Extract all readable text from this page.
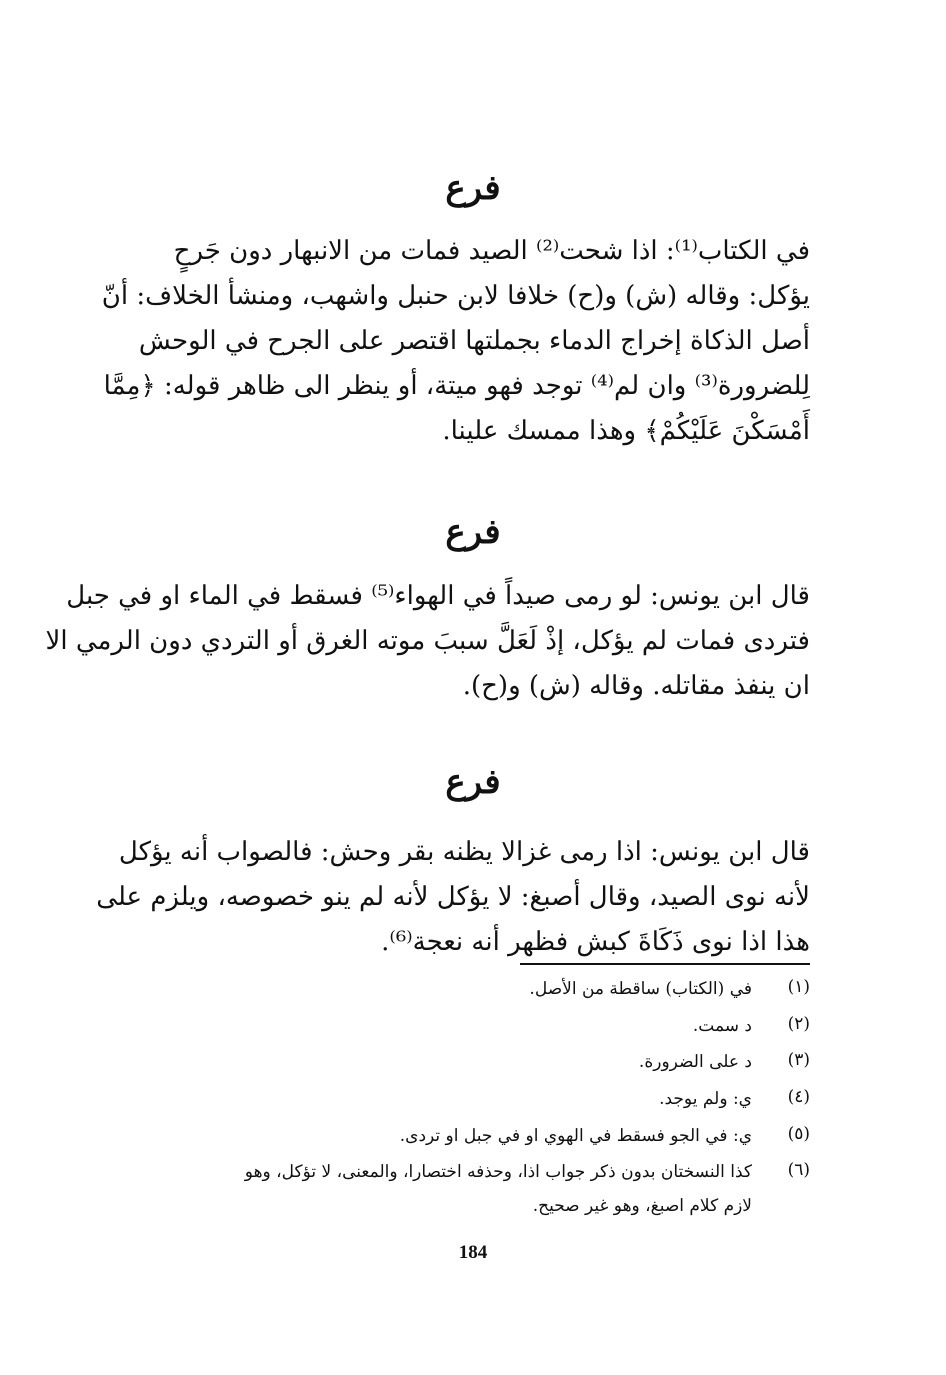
فرع
في الكتاب⁽¹⁾: اذا شحت⁽²⁾ الصيد فمات من الانبهار دون جَرحٍ
يؤكل: وقاله (ش) و(ح) خلافا لابن حنبل واشهب، ومنشأ الخلاف: أنّ
أصل الذكاة إخراج الدماء بجملتها اقتصر على الجرح في الوحش
لِلضرورة⁽³⁾ وان لم⁽⁴⁾ توجد فهو ميتة، أو ينظر الى ظاهر قوله: ﴿مِمَّا
أَمْسَكْنَ عَلَيْكُمْ﴾ وهذا ممسك علينا.
فرع
قال ابن يونس: لو رمى صيداً في الهواء⁽⁵⁾ فسقط في الماء او في جبل
فتردى فمات لم يؤكل، إذْ لَعَلَّ سببَ موته الغرق أو التردي دون الرمي الا
ان ينفذ مقاتله. وقاله (ش) و(ح).
فرع
قال ابن يونس: اذا رمى غزالا يظنه بقر وحش: فالصواب أنه يؤكل
لأنه نوى الصيد، وقال أصبغ: لا يؤكل لأنه لم ينو خصوصه، ويلزم على
هذا اذا نوى ذَكَاةَ كبش فظهر أنه نعجة⁽⁶⁾.
(١)
في (الكتاب) ساقطة من الأصل.
(٢)
د سمت.
(٣)
د على الضرورة.
(٤)
ي: ولم يوجد.
(٥)
ي: في الجو فسقط في الهوي او في جبل او تردى.
(٦)
كذا النسختان بدون ذكر جواب اذا، وحذفه اختصارا، والمعنى، لا تؤكل، وهو
لازم كلام اصبغ، وهو غير صحيح.
184
